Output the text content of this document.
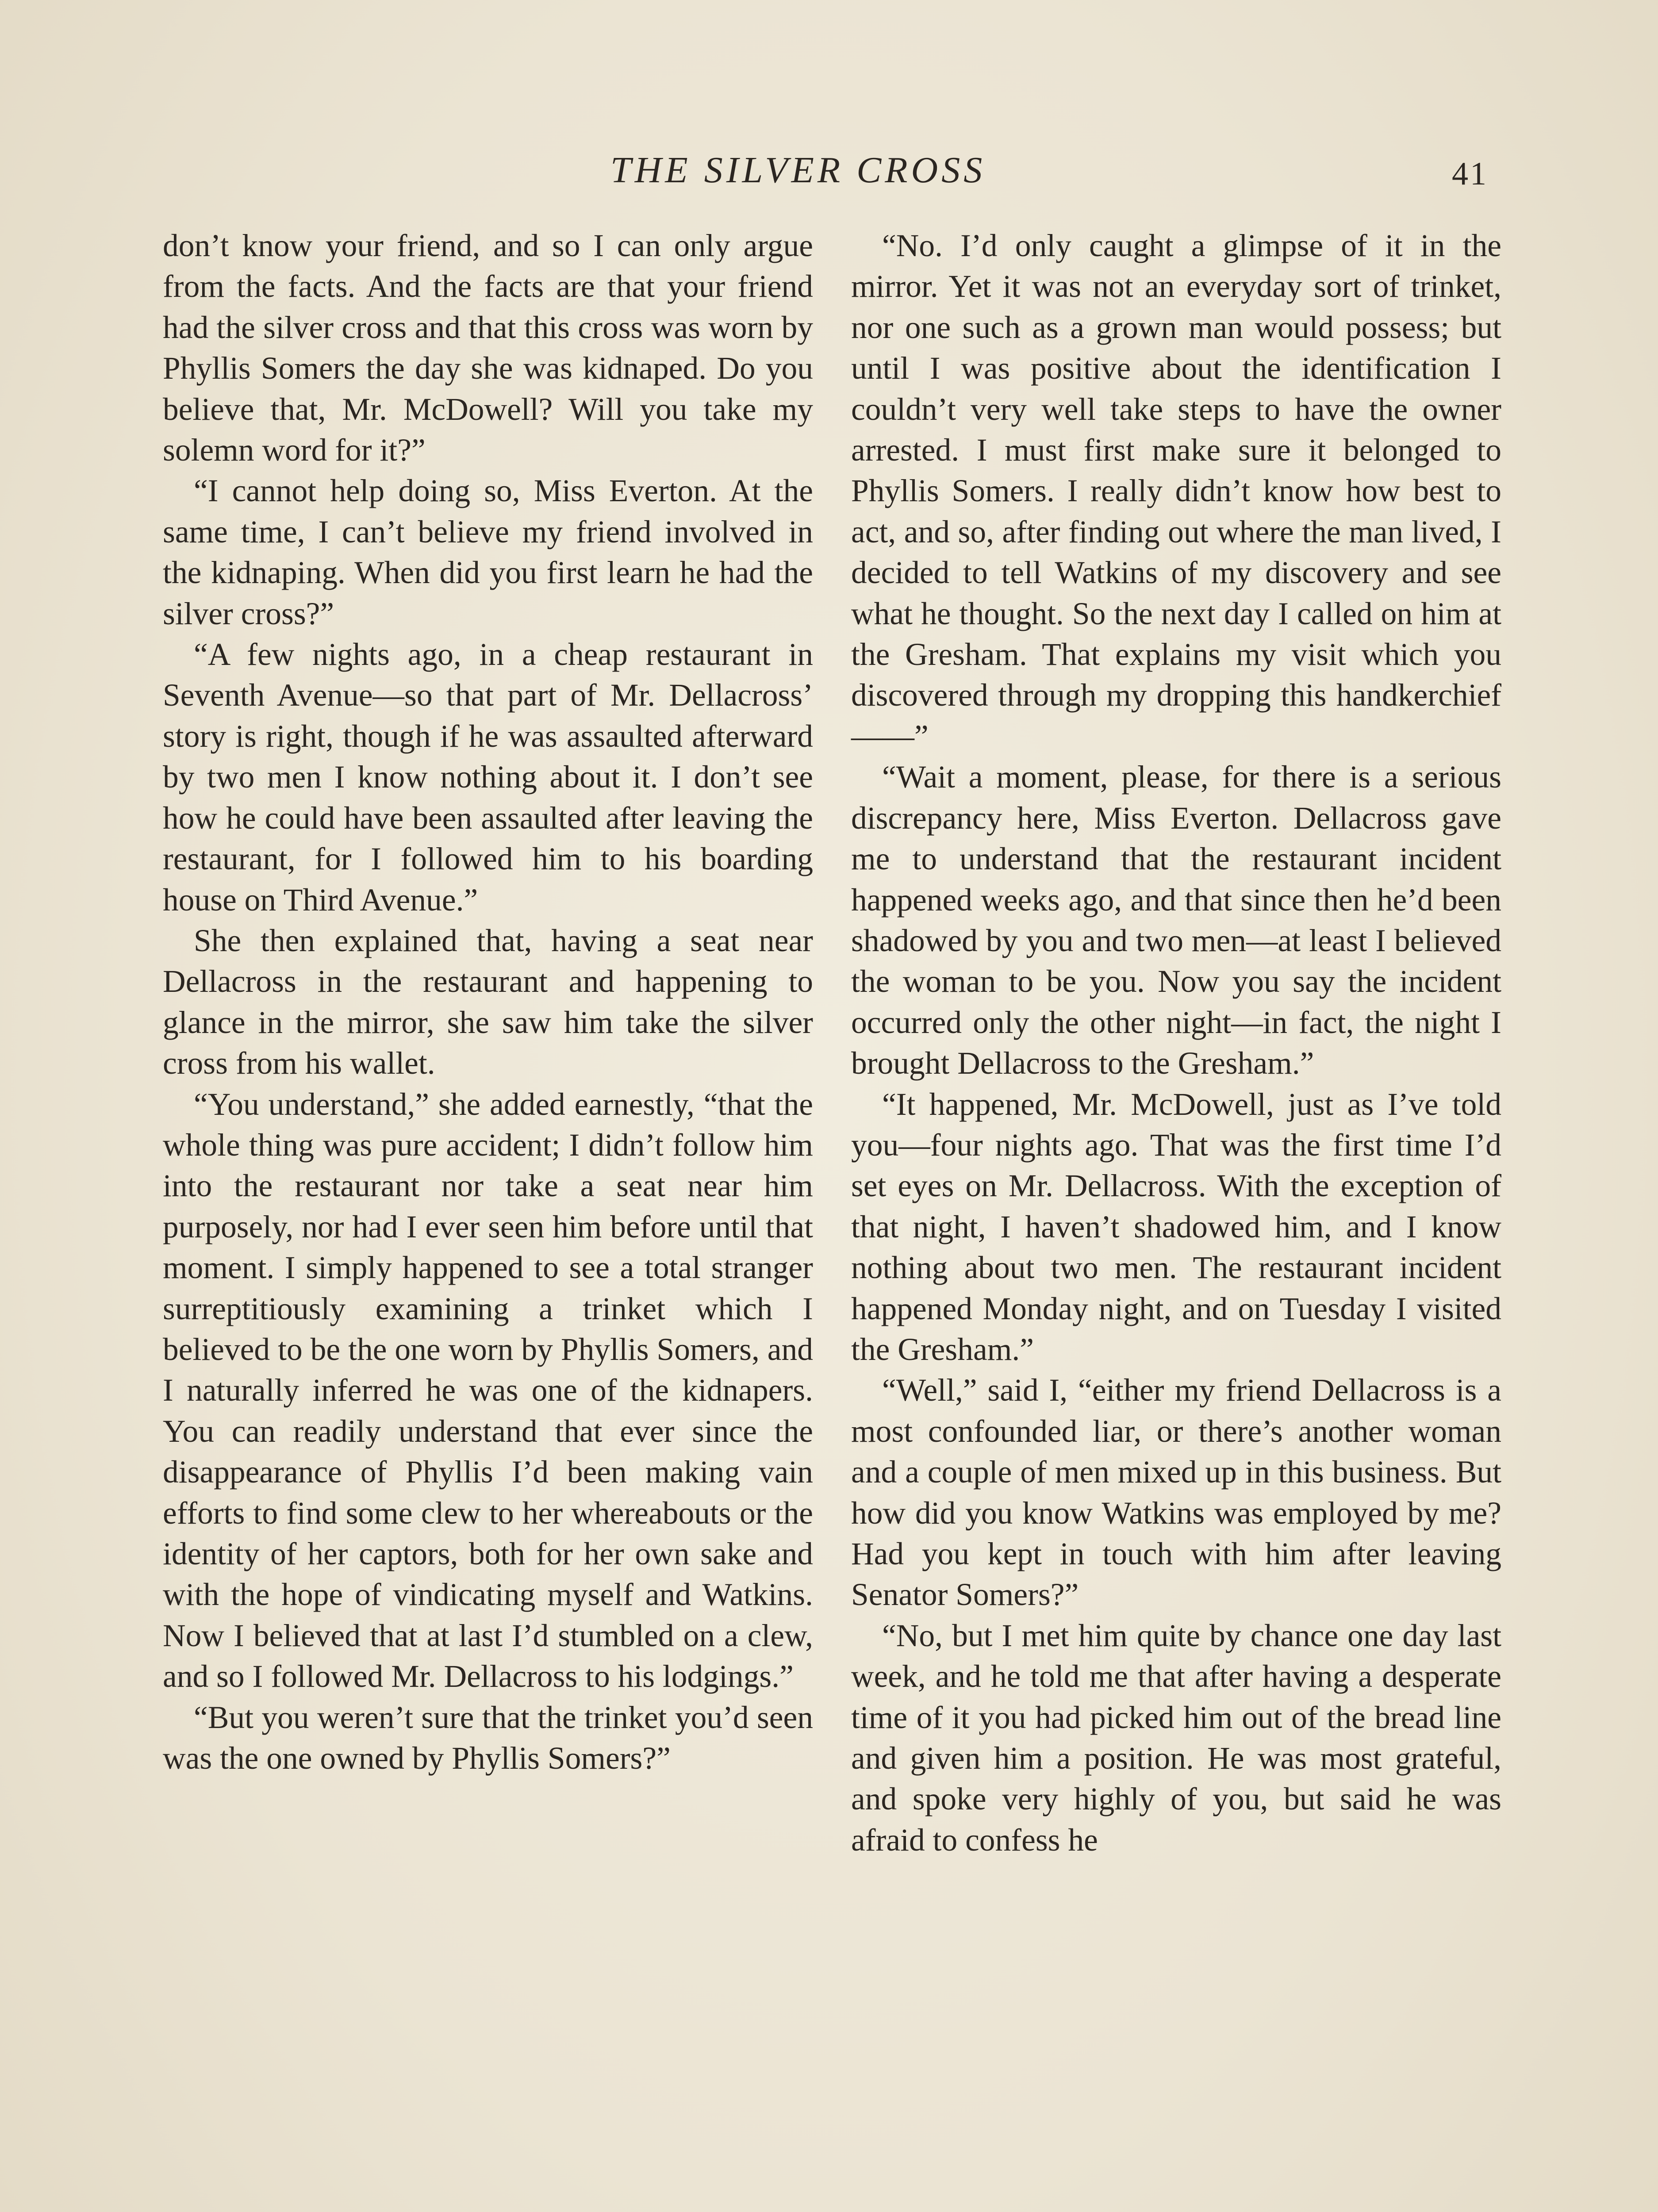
THE SILVER CROSS	41

don’t know your friend, and so I can only argue from the facts. And the facts are that your friend had the silver cross and that this cross was worn by Phyllis Somers the day she was kidnaped. Do you believe that, Mr. McDowell? Will you take my solemn word for it?”

“I cannot help doing so, Miss Everton. At the same time, I can’t believe my friend involved in the kidnaping. When did you first learn he had the silver cross?”

“A few nights ago, in a cheap restaurant in Seventh Avenue—so that part of Mr. Dellacross’ story is right, though if he was assaulted afterward by two men I know nothing about it. I don’t see how he could have been assaulted after leaving the restaurant, for I followed him to his boarding house on Third Avenue.”

She then explained that, having a seat near Dellacross in the restaurant and happening to glance in the mirror, she saw him take the silver cross from his wallet.

“You understand,” she added earnestly, “that the whole thing was pure accident; I didn’t follow him into the restaurant nor take a seat near him purposely, nor had I ever seen him before until that moment. I simply happened to see a total stranger surreptitiously examining a trinket which I believed to be the one worn by Phyllis Somers, and I naturally inferred he was one of the kidnapers. You can readily understand that ever since the disappearance of Phyllis I’d been making vain efforts to find some clew to her whereabouts or the identity of her captors, both for her own sake and with the hope of vindicating myself and Watkins. Now I believed that at last I’d stumbled on a clew, and so I followed Mr. Dellacross to his lodgings.”

“But you weren’t sure that the trinket you’d seen was the one owned by Phyllis Somers?”

“No. I’d only caught a glimpse of it in the mirror. Yet it was not an everyday sort of trinket, nor one such as a grown man would possess; but until I was positive about the identification I couldn’t very well take steps to have the owner arrested. I must first make sure it belonged to Phyllis Somers. I really didn’t know how best to act, and so, after finding out where the man lived, I decided to tell Watkins of my discovery and see what he thought. So the next day I called on him at the Gresham. That explains my visit which you discovered through my dropping this handkerchief——”

“Wait a moment, please, for there is a serious discrepancy here, Miss Everton. Dellacross gave me to understand that the restaurant incident happened weeks ago, and that since then he’d been shadowed by you and two men—at least I believed the woman to be you. Now you say the incident occurred only the other night—in fact, the night I brought Dellacross to the Gresham.”

“It happened, Mr. McDowell, just as I’ve told you—four nights ago. That was the first time I’d set eyes on Mr. Dellacross. With the exception of that night, I haven’t shadowed him, and I know nothing about two men. The restaurant incident happened Monday night, and on Tuesday I visited the Gresham.”

“Well,” said I, “either my friend Dellacross is a most confounded liar, or there’s another woman and a couple of men mixed up in this business. But how did you know Watkins was employed by me? Had you kept in touch with him after leaving Senator Somers?”

“No, but I met him quite by chance one day last week, and he told me that after having a desperate time of it you had picked him out of the bread line and given him a position. He was most grateful, and spoke very highly of you, but said he was afraid to confess he
